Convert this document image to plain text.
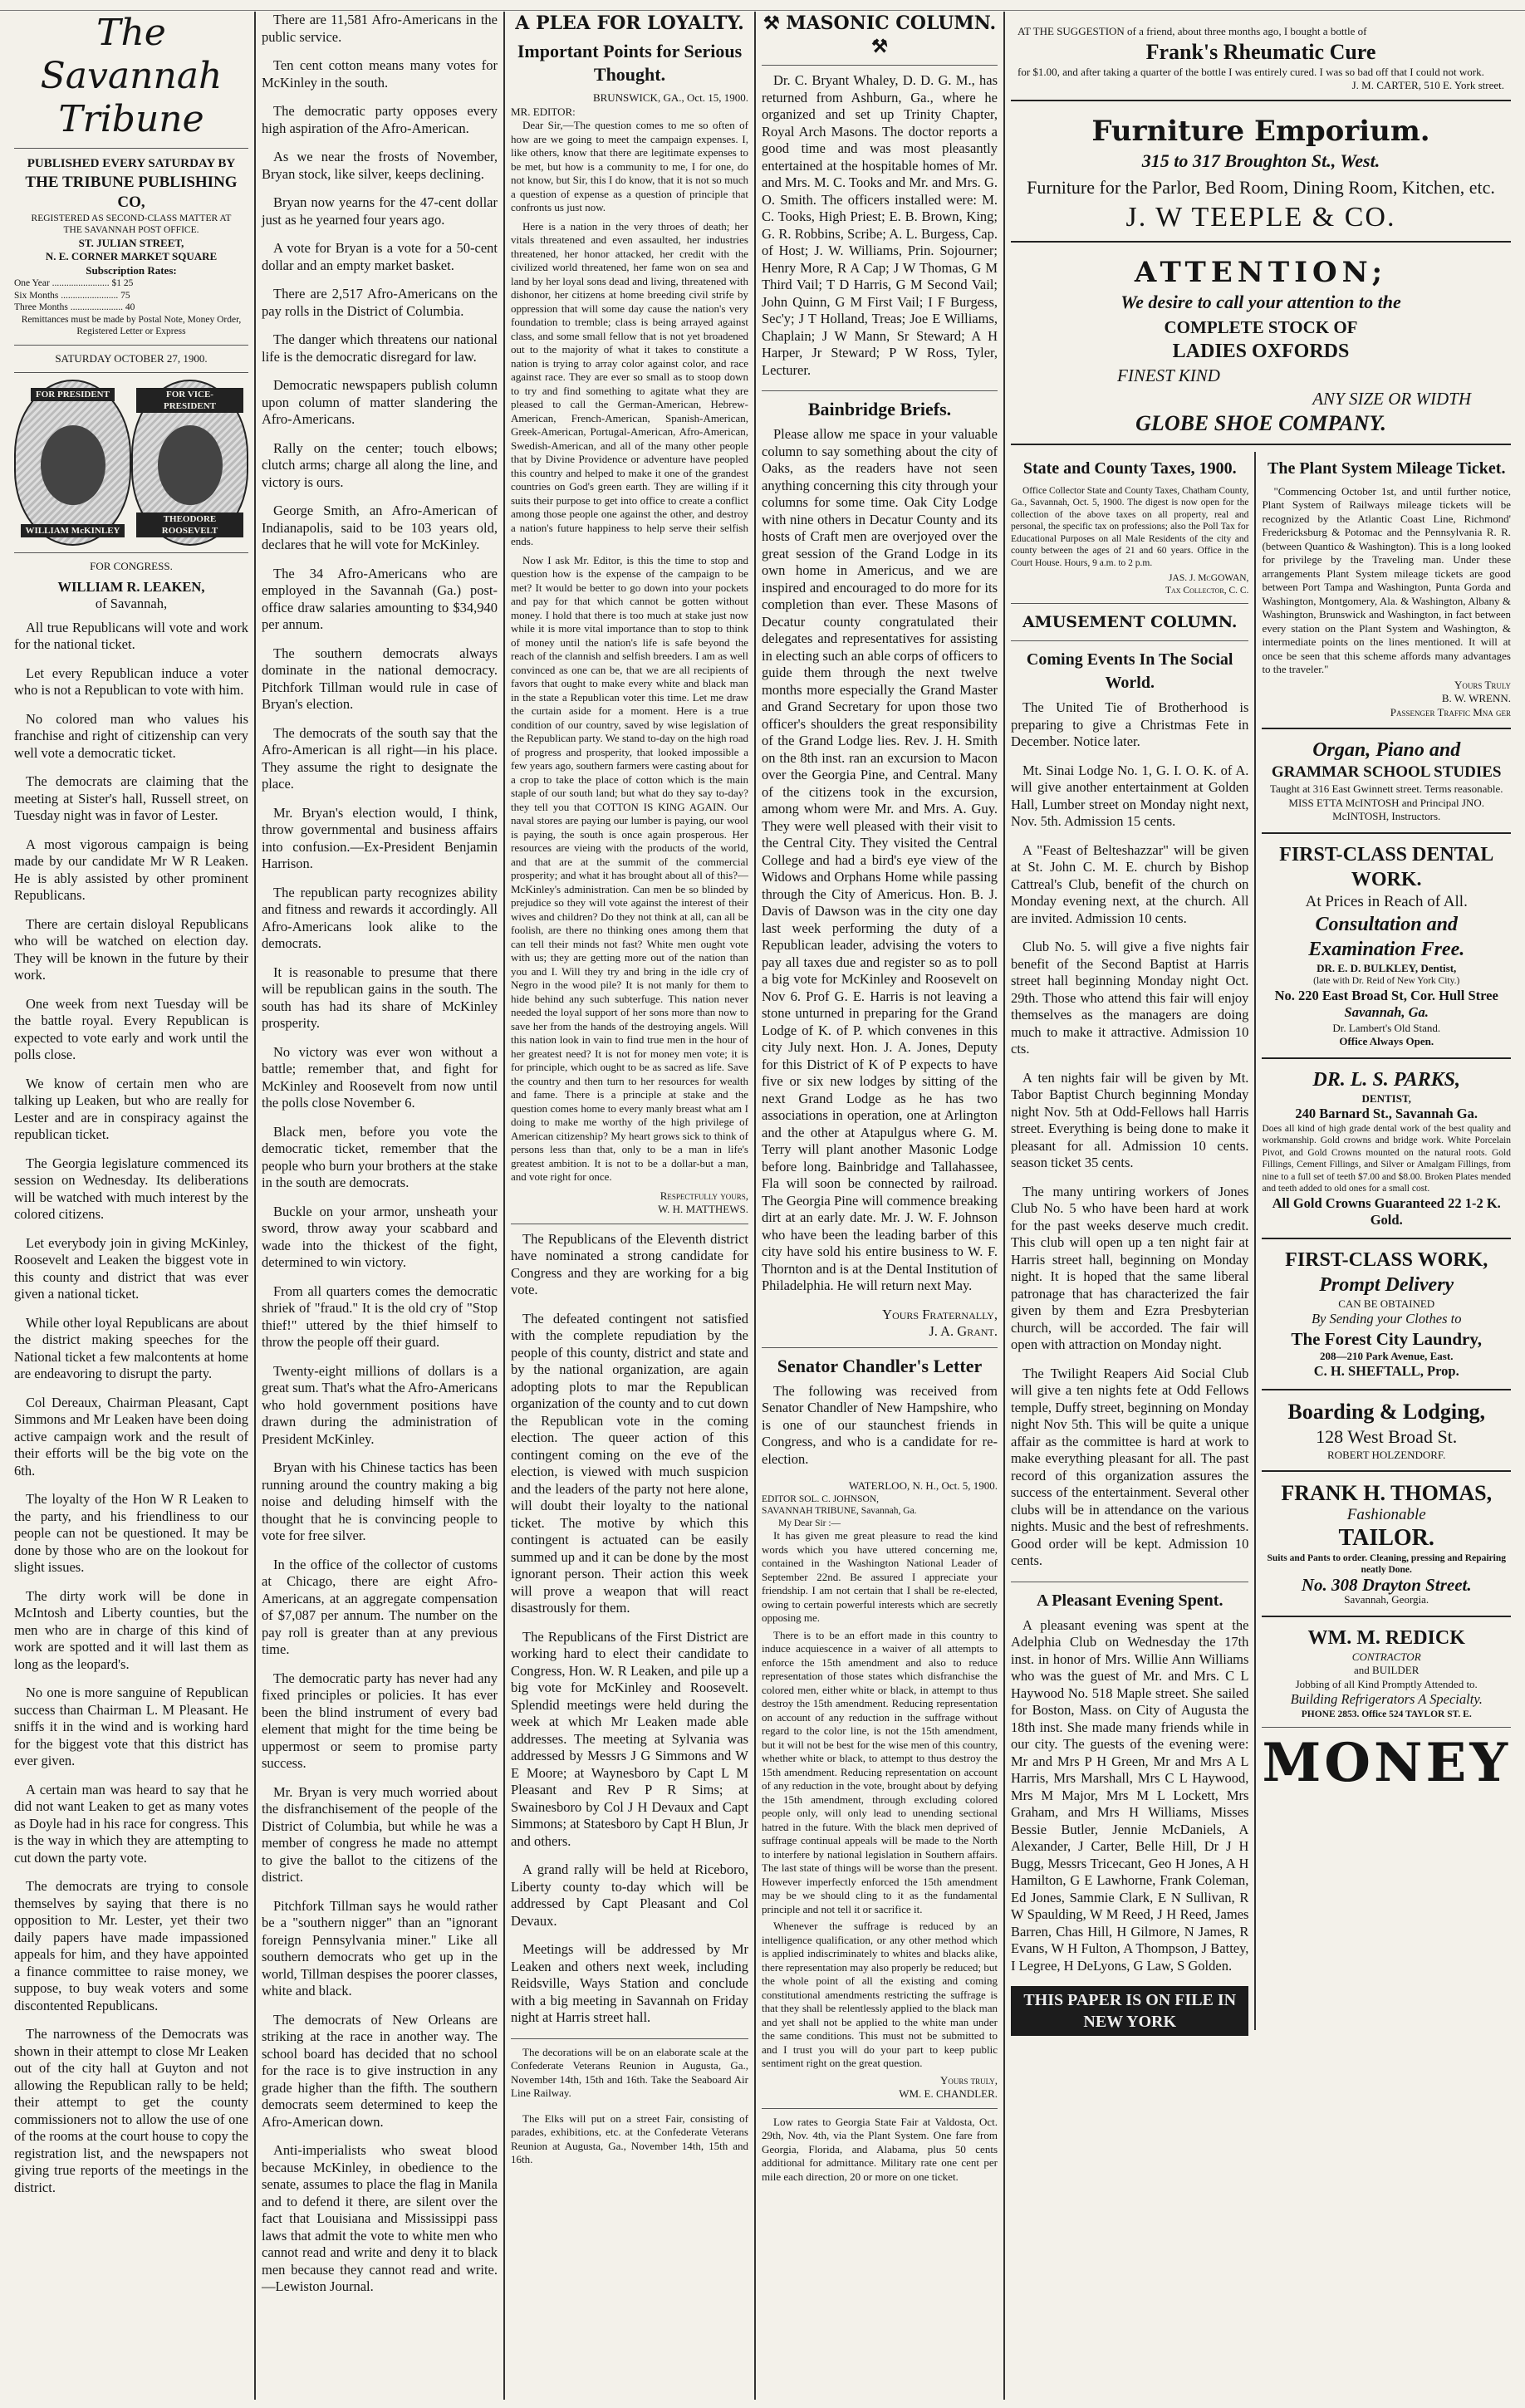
The Savannah Tribune
PUBLISHED EVERY SATURDAY BY
THE TRIBUNE PUBLISHING CO,
REGISTERED AS SECOND-CLASS MATTER AT
THE SAVANNAH POST OFFICE.
ST. JULIAN STREET,
N. E. CORNER MARKET SQUARE
Subscription Rates:
One Year ........................ $1 25
Six Months ........................ 75
Three Months ...................... 40
Remittances must be made by Postal Note, Money Order, Registered Letter or Express
SATURDAY OCTOBER 27, 1900.
FOR PRESIDENT
WILLIAM McKINLEY
FOR VICE-PRESIDENT
THEODORE ROOSEVELT
FOR CONGRESS.
WILLIAM R. LEAKEN,
of Savannah,

All true Republicans will vote and work for the national ticket.

Let every Republican induce a voter who is not a Republican to vote with him.

No colored man who values his franchise and right of citizenship can very well vote a democratic ticket.

The democrats are claiming that the meeting at Sister's hall, Russell street, on Tuesday night was in favor of Lester.

A most vigorous campaign is being made by our candidate Mr W R Leaken. He is ably assisted by other prominent Republicans.

There are certain disloyal Republicans who will be watched on election day. They will be known in the future by their work.

One week from next Tuesday will be the battle royal. Every Republican is expected to vote early and work until the polls close.

We know of certain men who are talking up Leaken, but who are really for Lester and are in conspiracy against the republican ticket.

The Georgia legislature commenced its session on Wednesday. Its deliberations will be watched with much interest by the colored citizens.

Let everybody join in giving McKinley, Roosevelt and Leaken the biggest vote in this county and district that was ever given a national ticket.

While other loyal Republicans are about the district making speeches for the National ticket a few malcontents at home are endeavoring to disrupt the party.

Col Dereaux, Chairman Pleasant, Capt Simmons and Mr Leaken have been doing active campaign work and the result of their efforts will be the big vote on the 6th.

The loyalty of the Hon W R Leaken to the party, and his friendliness to our people can not be questioned. It may be done by those who are on the lookout for slight issues.

The dirty work will be done in McIntosh and Liberty counties, but the men who are in charge of this kind of work are spotted and it will last them as long as the leopard's.

No one is more sanguine of Republican success than Chairman L. M Pleasant. He sniffs it in the wind and is working hard for the biggest vote that this district has ever given.

A certain man was heard to say that he did not want Leaken to get as many votes as Doyle had in his race for congress. This is the way in which they are attempting to cut down the party vote.

The democrats are trying to console themselves by saying that there is no opposition to Mr. Lester, yet their two daily papers have made impassioned appeals for him, and they have appointed a finance committee to raise money, we suppose, to buy weak voters and some discontented Republicans.

The narrowness of the Democrats was shown in their attempt to close Mr Leaken out of the city hall at Guyton and not allowing the Republican rally to be held; their attempt to get the county commissioners not to allow the use of one of the rooms at the court house to copy the registration list, and the newspapers not giving true reports of the meetings in the district.

There are 11,581 Afro-Americans in the public service.

Ten cent cotton means many votes for McKinley in the south.

The democratic party opposes every high aspiration of the Afro-American.

As we near the frosts of November, Bryan stock, like silver, keeps declining.

Bryan now yearns for the 47-cent dollar just as he yearned four years ago.

A vote for Bryan is a vote for a 50-cent dollar and an empty market basket.

There are 2,517 Afro-Americans on the pay rolls in the District of Columbia.

The danger which threatens our national life is the democratic disregard for law.

Democratic newspapers publish column upon column of matter slandering the Afro-Americans.

Rally on the center; touch elbows; clutch arms; charge all along the line, and victory is ours.

George Smith, an Afro-American of Indianapolis, said to be 103 years old, declares that he will vote for McKinley.

The 34 Afro-Americans who are employed in the Savannah (Ga.) post-office draw salaries amounting to $34,940 per annum.

The southern democrats always dominate in the national democracy. Pitchfork Tillman would rule in case of Bryan's election.

The democrats of the south say that the Afro-American is all right—in his place. They assume the right to designate the place.

Mr. Bryan's election would, I think, throw governmental and business affairs into confusion.—Ex-President Benjamin Harrison.

The republican party recognizes ability and fitness and rewards it accordingly. All Afro-Americans look alike to the democrats.

It is reasonable to presume that there will be republican gains in the south. The south has had its share of McKinley prosperity.

No victory was ever won without a battle; remember that, and fight for McKinley and Roosevelt from now until the polls close November 6.

Black men, before you vote the democratic ticket, remember that the people who burn your brothers at the stake in the south are democrats.

Buckle on your armor, unsheath your sword, throw away your scabbard and wade into the thickest of the fight, determined to win victory.

From all quarters comes the democratic shriek of "fraud." It is the old cry of "Stop thief!" uttered by the thief himself to throw the people off their guard.

Twenty-eight millions of dollars is a great sum. That's what the Afro-Americans who hold government positions have drawn during the administration of President McKinley.

Bryan with his Chinese tactics has been running around the country making a big noise and deluding himself with the thought that he is convincing people to vote for free silver.

In the office of the collector of customs at Chicago, there are eight Afro-Americans, at an aggregate compensation of $7,087 per annum. The number on the pay roll is greater than at any previous time.

The democratic party has never had any fixed principles or policies. It has ever been the blind instrument of every bad element that might for the time being be uppermost or seem to promise party success.

Mr. Bryan is very much worried about the disfranchisement of the people of the District of Columbia, but while he was a member of congress he made no attempt to give the ballot to the citizens of the district.

Pitchfork Tillman says he would rather be a "southern nigger" than an "ignorant foreign Pennsylvania miner." Like all southern democrats who get up in the world, Tillman despises the poorer classes, white and black.

The democrats of New Orleans are striking at the race in another way. The school board has decided that no school for the race is to give instruction in any grade higher than the fifth. The southern democrats seem determined to keep the Afro-American down.

Anti-imperialists who sweat blood because McKinley, in obedience to the senate, assumes to place the flag in Manila and to defend it there, are silent over the fact that Louisiana and Mississippi pass laws that admit the vote to white men who cannot read and write and deny it to black men because they cannot read and write.—Lewiston Journal.

A PLEA FOR LOYALTY.
Important Points for Serious Thought.
BRUNSWICK, GA., Oct. 15, 1900.
MR. EDITOR:

Dear Sir,—The question comes to me so often of how are we going to meet the campaign expenses. I, like others, know that there are legitimate expenses to be met, but how is a community to me, I for one, do not know, but Sir, this I do know, that it is not so much a question of expense as a question of principle that confronts us just now.

Here is a nation in the very throes of death; her vitals threatened and even assaulted, her industries threatened, her honor attacked, her credit with the civilized world threatened, her fame won on sea and land by her loyal sons dead and living, threatened with dishonor, her citizens at home breeding civil strife by oppression that will some day cause the nation's very foundation to tremble; class is being arrayed against class, and some small fellow that is not yet broadened out to the majority of what it takes to constitute a nation is trying to array color against color, and race against race. They are ever so small as to stoop down to try and find something to agitate what they are pleased to call the German-American, Hebrew-American, French-American, Spanish-American, Greek-American, Portugal-American, Afro-American, Swedish-American, and all of the many other people that by Divine Providence or adventure have peopled this country and helped to make it one of the grandest countries on God's green earth. They are willing if it suits their purpose to get into office to create a conflict among those people one against the other, and destroy a nation's future happiness to help serve their selfish ends.

Now I ask Mr. Editor, is this the time to stop and question how is the expense of the campaign to be met? It would be better to go down into your pockets and pay for that which cannot be gotten without money. I hold that there is too much at stake just now while it is more vital importance than to stop to think of money until the nation's life is safe beyond the reach of the clannish and selfish breeders. I am as well convinced as one can be, that we are all recipients of favors that ought to make every white and black man in the state a Republican voter this time. Let me draw the curtain aside for a moment. Here is a true condition of our country, saved by wise legislation of the Republican party. We stand to-day on the high road of progress and prosperity, that looked impossible a few years ago, southern farmers were casting about for a crop to take the place of cotton which is the main staple of our south land; but what do they say to-day? they tell you that COTTON IS KING AGAIN. Our naval stores are paying our lumber is paying, our wool is paying, the south is once again prosperous. Her resources are vieing with the products of the world, and that are at the summit of the commercial prosperity; and what it has brought about all of this?—McKinley's administration. Can men be so blinded by prejudice so they will vote against the interest of their wives and children? Do they not think at all, can all be foolish, are there no thinking ones among them that can tell their minds not fast? White men ought vote with us; they are getting more out of the nation than you and I. Will they try and bring in the idle cry of Negro in the wood pile? It is not manly for them to hide behind any such subterfuge. This nation never needed the loyal support of her sons more than now to save her from the hands of the destroying angels. Will this nation look in vain to find true men in the hour of her greatest need? It is not for money men vote; it is for principle, which ought to be as sacred as life. Save the country and then turn to her resources for wealth and fame. There is a principle at stake and the question comes home to every manly breast what am I doing to make me worthy of the high privilege of American citizenship? My heart grows sick to think of persons less than that, only to be a man in life's greatest ambition. It is not to be a dollar-but a man, and vote right for once.

Respectfully yours,
W. H. MATTHEWS.

The Republicans of the Eleventh district have nominated a strong candidate for Congress and they are working for a big vote.

The defeated contingent not satisfied with the complete repudiation by the people of this county, district and state and by the national organization, are again adopting plots to mar the Republican organization of the county and to cut down the Republican vote in the coming election. The queer action of this contingent coming on the eve of the election, is viewed with much suspicion and the leaders of the party not here alone, will doubt their loyalty to the national ticket. The motive by which this contingent is actuated can be easily summed up and it can be done by the most ignorant person. Their action this week will prove a weapon that will react disastrously for them.

The Republicans of the First District are working hard to elect their candidate to Congress, Hon. W. R Leaken, and pile up a big vote for McKinley and Roosevelt. Splendid meetings were held during the week at which Mr Leaken made able addresses. The meeting at Sylvania was addressed by Messrs J G Simmons and W E Moore; at Waynesboro by Capt L M Pleasant and Rev P R Sims; at Swainesboro by Col J H Devaux and Capt Simmons; at Statesboro by Capt H Blun, Jr and others.

A grand rally will be held at Riceboro, Liberty county to-day which will be addressed by Capt Pleasant and Col Devaux.

Meetings will be addressed by Mr Leaken and others next week, including Reidsville, Ways Station and conclude with a big meeting in Savannah on Friday night at Harris street hall.

The decorations will be on an elaborate scale at the Confederate Veterans Reunion in Augusta, Ga., November 14th, 15th and 16th. Take the Seaboard Air Line Railway.

The Elks will put on a street Fair, consisting of parades, exhibitions, etc. at the Confederate Veterans Reunion at Augusta, Ga., November 14th, 15th and 16th.

⚒ MASONIC COLUMN. ⚒

Dr. C. Bryant Whaley, D. D. G. M., has returned from Ashburn, Ga., where he organized and set up Trinity Chapter, Royal Arch Masons. The doctor reports a good time and was most pleasantly entertained at the hospitable homes of Mr. and Mrs. M. C. Tooks and Mr. and Mrs. G. O. Smith. The officers installed were: M. C. Tooks, High Priest; E. B. Brown, King; G. R. Robbins, Scribe; A. L. Burgess, Cap. of Host; J. W. Williams, Prin. Sojourner; Henry More, R A Cap; J W Thomas, G M Third Vail; T D Harris, G M Second Vail; John Quinn, G M First Vail; I F Burgess, Sec'y; J T Holland, Treas; Joe E Williams, Chaplain; J W Mann, Sr Steward; A H Harper, Jr Steward; P W Ross, Tyler, Lecturer.

Bainbridge Briefs.

Please allow me space in your valuable column to say something about the city of Oaks, as the readers have not seen anything concerning this city through your columns for some time. Oak City Lodge with nine others in Decatur County and its hosts of Craft men are overjoyed over the great session of the Grand Lodge in its own home in Americus, and we are inspired and encouraged to do more for its completion than ever. These Masons of Decatur county congratulated their delegates and representatives for assisting in electing such an able corps of officers to guide them through the next twelve months more especially the Grand Master and Grand Secretary for upon those two officer's shoulders the great responsibility of the Grand Lodge lies. Rev. J. H. Smith on the 8th inst. ran an excursion to Macon over the Georgia Pine, and Central. Many of the citizens took in the excursion, among whom were Mr. and Mrs. A. Guy. They were well pleased with their visit to the Central City. They visited the Central College and had a bird's eye view of the Widows and Orphans Home while passing through the City of Americus. Hon. B. J. Davis of Dawson was in the city one day last week performing the duty of a Republican leader, advising the voters to pay all taxes due and register so as to poll a big vote for McKinley and Roosevelt on Nov 6. Prof G. E. Harris is not leaving a stone unturned in preparing for the Grand Lodge of K. of P. which convenes in this city July next. Hon. J. A. Jones, Deputy for this District of K of P expects to have five or six new lodges by sitting of the next Grand Lodge as he has two associations in operation, one at Arlington and the other at Atapulgus where G. M. Terry will plant another Masonic Lodge before long. Bainbridge and Tallahassee, Fla will soon be connected by railroad. The Georgia Pine will commence breaking dirt at an early date. Mr. J. W. F. Johnson who have been the leading barber of this city have sold his entire business to W. F. Thornton and is at the Dental Institution of Philadelphia. He will return next May.

Yours Fraternally,
J. A. Grant.
Senator Chandler's Letter

The following was received from Senator Chandler of New Hampshire, who is one of our staunchest friends in Congress, and who is a candidate for re-election.

WATERLOO, N. H., Oct. 5, 1900.
EDITOR SOL. C. JOHNSON,
SAVANNAH TRIBUNE, Savannah, Ga.
My Dear Sir :—

It has given me great pleasure to read the kind words which you have uttered concerning me, contained in the Washington National Leader of September 22nd. Be assured I appreciate your friendship. I am not certain that I shall be re-elected, owing to certain powerful interests which are secretly opposing me.

There is to be an effort made in this country to induce acquiescence in a waiver of all attempts to enforce the 15th amendment and also to reduce representation of those states which disfranchise the colored men, either white or black, in attempt to thus destroy the 15th amendment. Reducing representation on account of any reduction in the suffrage without regard to the color line, is not the 15th amendment, but it will not be best for the wise men of this country, whether white or black, to attempt to thus destroy the 15th amendment. Reducing representation on account of any reduction in the vote, brought about by defying the 15th amendment, through excluding colored people only, will only lead to unending sectional hatred in the future. With the black men deprived of suffrage continual appeals will be made to the North to interfere by national legislation in Southern affairs. The last state of things will be worse than the present. However imperfectly enforced the 15th amendment may be we should cling to it as the fundamental principle and not tell it or sacrifice it.

Whenever the suffrage is reduced by an intelligence qualification, or any other method which is applied indiscriminately to whites and blacks alike, there representation may also properly be reduced; but the whole point of all the existing and coming constitutional amendments restricting the suffrage is that they shall be relentlessly applied to the black man and yet shall not be applied to the white man under the same conditions. This must not be submitted to and I trust you will do your part to keep public sentiment right on the great question.

Yours truly,
WM. E. CHANDLER.

Low rates to Georgia State Fair at Valdosta, Oct. 29th, Nov. 4th, via the Plant System. One fare from Georgia, Florida, and Alabama, plus 50 cents additional for admittance. Military rate one cent per mile each direction, 20 or more on one ticket.

AT THE SUGGESTION of a friend, about three months ago, I bought a bottle of
Frank's Rheumatic Cure
for $1.00, and after taking a quarter of the bottle I was entirely cured. I was so bad off that I could not work.
J. M. CARTER, 510 E. York street.
Furniture Emporium.
315 to 317 Broughton St., West.
Furniture for the Parlor, Bed Room, Dining Room, Kitchen, etc.
J. W TEEPLE & CO.
ATTENTION;
We desire to call your attention to the
COMPLETE STOCK OF
LADIES OXFORDS
FINEST KIND
ANY SIZE OR WIDTH
GLOBE SHOE COMPANY.
State and County Taxes, 1900.

Office Collector State and County Taxes, Chatham County, Ga., Savannah, Oct. 5, 1900. The digest is now open for the collection of the above taxes on all property, real and personal, the specific tax on professions; also the Poll Tax for Educational Purposes on all Male Residents of the city and county between the ages of 21 and 60 years. Office in the Court House. Hours, 9 a.m. to 2 p.m.

JAS. J. McGOWAN,
Tax Collector, C. C.
AMUSEMENT COLUMN.
Coming Events In The Social World.

The United Tie of Brotherhood is preparing to give a Christmas Fete in December. Notice later.

Mt. Sinai Lodge No. 1, G. I. O. K. of A. will give another entertainment at Golden Hall, Lumber street on Monday night next, Nov. 5th. Admission 15 cents.

A "Feast of Belteshazzar" will be given at St. John C. M. E. church by Bishop Cattreal's Club, benefit of the church on Monday evening next, at the church. All are invited. Admission 10 cents.

Club No. 5. will give a five nights fair benefit of the Second Baptist at Harris street hall beginning Monday night Oct. 29th. Those who attend this fair will enjoy themselves as the managers are doing much to make it attractive. Admission 10 cts.

A ten nights fair will be given by Mt. Tabor Baptist Church beginning Monday night Nov. 5th at Odd-Fellows hall Harris street. Everything is being done to make it pleasant for all. Admission 10 cents. season ticket 35 cents.

The many untiring workers of Jones Club No. 5 who have been hard at work for the past weeks deserve much credit. This club will open up a ten night fair at Harris street hall, beginning on Monday night. It is hoped that the same liberal patronage that has characterized the fair given by them and Ezra Presbyterian church, will be accorded. The fair will open with attraction on Monday night.

The Twilight Reapers Aid Social Club will give a ten nights fete at Odd Fellows temple, Duffy street, beginning on Monday night Nov 5th. This will be quite a unique affair as the committee is hard at work to make everything pleasant for all. The past record of this organization assures the success of the entertainment. Several other clubs will be in attendance on the various nights. Music and the best of refreshments. Good order will be kept. Admission 10 cents.

A Pleasant Evening Spent.

A pleasant evening was spent at the Adelphia Club on Wednesday the 17th inst. in honor of Mrs. Willie Ann Williams who was the guest of Mr. and Mrs. C L Haywood No. 518 Maple street. She sailed for Boston, Mass. on City of Augusta the 18th inst. She made many friends while in our city. The guests of the evening were: Mr and Mrs P H Green, Mr and Mrs A L Harris, Mrs Marshall, Mrs C L Haywood, Mrs M Major, Mrs M L Lockett, Mrs Graham, and Mrs H Williams, Misses Bessie Butler, Jennie McDaniels, A Alexander, J Carter, Belle Hill, Dr J H Bugg, Messrs Tricecant, Geo H Jones, A H Hamilton, G E Lawhorne, Frank Coleman, Ed Jones, Sammie Clark, E N Sullivan, R W Spaulding, W M Reed, J H Reed, James Barren, Chas Hill, H Gilmore, N James, R Evans, W H Fulton, A Thompson, J Battey, I Legree, H DeLyons, G Law, S Golden.

THIS PAPER IS ON FILE IN NEW YORK
The Plant System Mileage Ticket.

"Commencing October 1st, and until further notice, Plant System of Railways mileage tickets will be recognized by the Atlantic Coast Line, Richmond' Fredericksburg & Potomac and the Pennsylvania R. R. (between Quantico & Washington). This is a long looked for privilege by the Traveling man. Under these arrangements Plant System mileage tickets are good between Port Tampa and Washington, Punta Gorda and Washington, Montgomery, Ala. & Washington, Albany & Washington, Brunswick and Washington, in fact between every station on the Plant System and Washington, & intermediate points on the lines mentioned. It will at once be seen that this scheme affords many advantages to the traveler."

Yours Truly
B. W. WRENN.
Passenger Traffic Mna ger
Organ, Piano and
GRAMMAR SCHOOL STUDIES
Taught at 316 East Gwinnett street. Terms reasonable.
MISS ETTA McINTOSH and Principal JNO. McINTOSH, Instructors.
FIRST-CLASS DENTAL WORK.
At Prices in Reach of All.
Consultation and Examination Free.
DR. E. D. BULKLEY, Dentist,
(late with Dr. Reid of New York City.)
No. 220 East Broad St, Cor. Hull Stree
Savannah, Ga.
Dr. Lambert's Old Stand.
Office Always Open.
DR. L. S. PARKS,
DENTIST,
240 Barnard St., Savannah Ga.
Does all kind of high grade dental work of the best quality and workmanship. Gold crowns and bridge work. White Porcelain Pivot, and Gold Crowns mounted on the natural roots. Gold Fillings, Cement Fillings, and Silver or Amalgam Fillings, from nine to a full set of teeth $7.00 and $8.00. Broken Plates mended and teeth added to old ones for a small cost.
All Gold Crowns Guaranteed 22 1-2 K. Gold.
FIRST-CLASS WORK,
Prompt Delivery
CAN BE OBTAINED
By Sending your Clothes to
The Forest City Laundry,
208—210 Park Avenue, East.
C. H. SHEFTALL, Prop.
Boarding & Lodging,
128 West Broad St.
ROBERT HOLZENDORF.
FRANK H. THOMAS,
Fashionable
TAILOR.
Suits and Pants to order. Cleaning, pressing and Repairing neatly Done.
No. 308 Drayton Street.
Savannah, Georgia.
WM. M. REDICK
CONTRACTOR
and BUILDER
Jobbing of all Kind Promptly Attended to.
Building Refrigerators A Specialty.
PHONE 2853. Office 524 TAYLOR ST. E.
MONEY
